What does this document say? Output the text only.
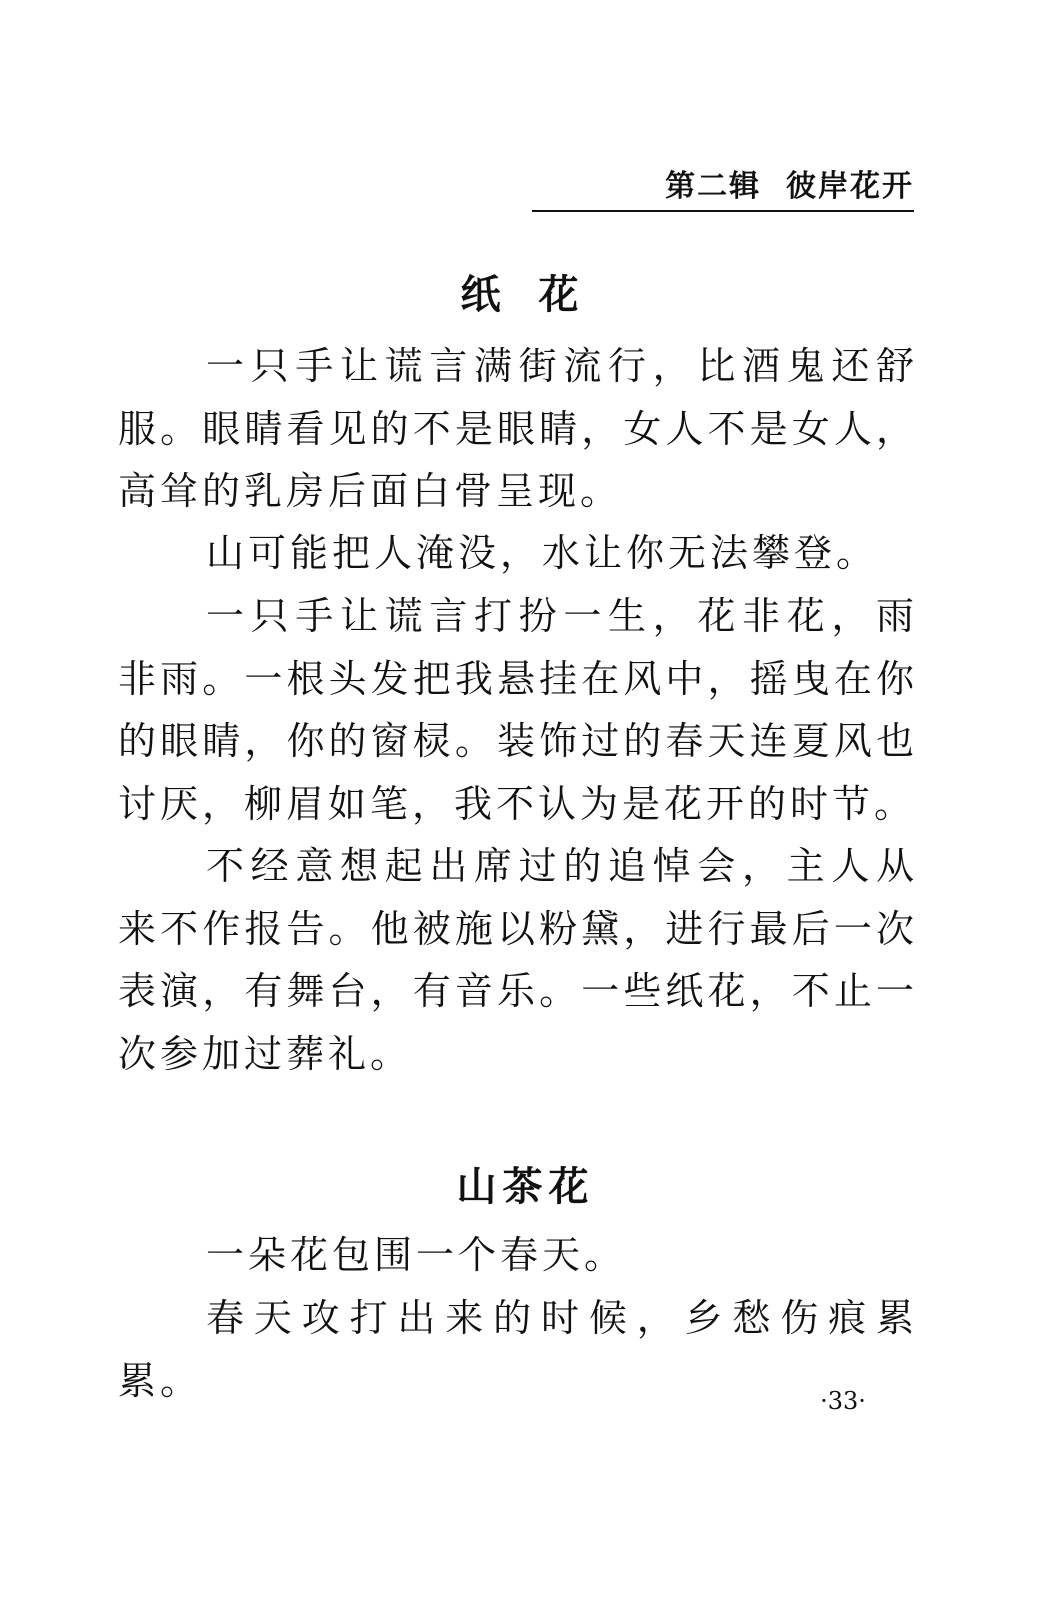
第二辑  彼岸花开
纸 花
一只手让谎言满街流行，比酒鬼还舒服。眼睛看见的不是眼睛，女人不是女人，高耸的乳房后面白骨呈现。
山可能把人淹没，水让你无法攀登。
一只手让谎言打扮一生，花非花，雨非雨。一根头发把我悬挂在风中，摇曳在你的眼睛，你的窗棂。装饰过的春天连夏风也讨厌，柳眉如笔，我不认为是花开的时节。
不经意想起出席过的追悼会，主人从来不作报告。他被施以粉黛，进行最后一次表演，有舞台，有音乐。一些纸花，不止一次参加过葬礼。
山茶花
一朵花包围一个春天。
春天攻打出来的时候，乡愁伤痕累累。	·33·
